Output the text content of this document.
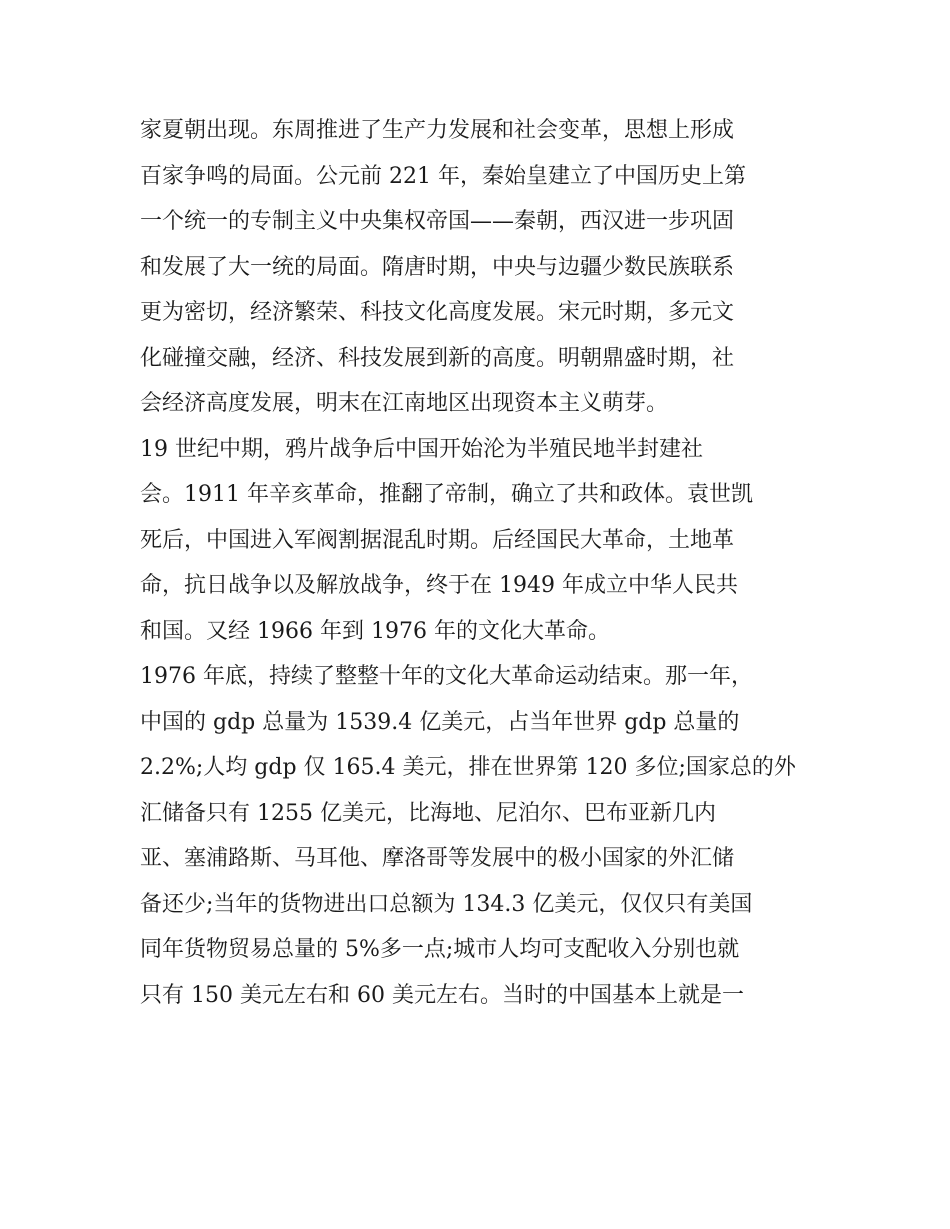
家夏朝出现。东周推进了生产力发展和社会变革，思想上形成
百家争鸣的局面。公元前 221 年，秦始皇建立了中国历史上第
一个统一的专制主义中央集权帝国——秦朝，西汉进一步巩固
和发展了大一统的局面。隋唐时期，中央与边疆少数民族联系
更为密切，经济繁荣、科技文化高度发展。宋元时期，多元文
化碰撞交融，经济、科技发展到新的高度。明朝鼎盛时期，社
会经济高度发展，明末在江南地区出现资本主义萌芽。
19 世纪中期，鸦片战争后中国开始沦为半殖民地半封建社
会。1911 年辛亥革命，推翻了帝制，确立了共和政体。袁世凯
死后，中国进入军阀割据混乱时期。后经国民大革命，土地革
命，抗日战争以及解放战争，终于在 1949 年成立中华人民共
和国。又经 1966 年到 1976 年的文化大革命。
1976 年底，持续了整整十年的文化大革命运动结束。那一年，
中国的 gdp 总量为 1539.4 亿美元，占当年世界 gdp 总量的
2.2%;人均 gdp 仅 165.4 美元，排在世界第 120 多位;国家总的外
汇储备只有 1255 亿美元，比海地、尼泊尔、巴布亚新几内
亚、塞浦路斯、马耳他、摩洛哥等发展中的极小国家的外汇储
备还少;当年的货物进出口总额为 134.3 亿美元，仅仅只有美国
同年货物贸易总量的 5%多一点;城市人均可支配收入分别也就
只有 150 美元左右和 60 美元左右。当时的中国基本上就是一
